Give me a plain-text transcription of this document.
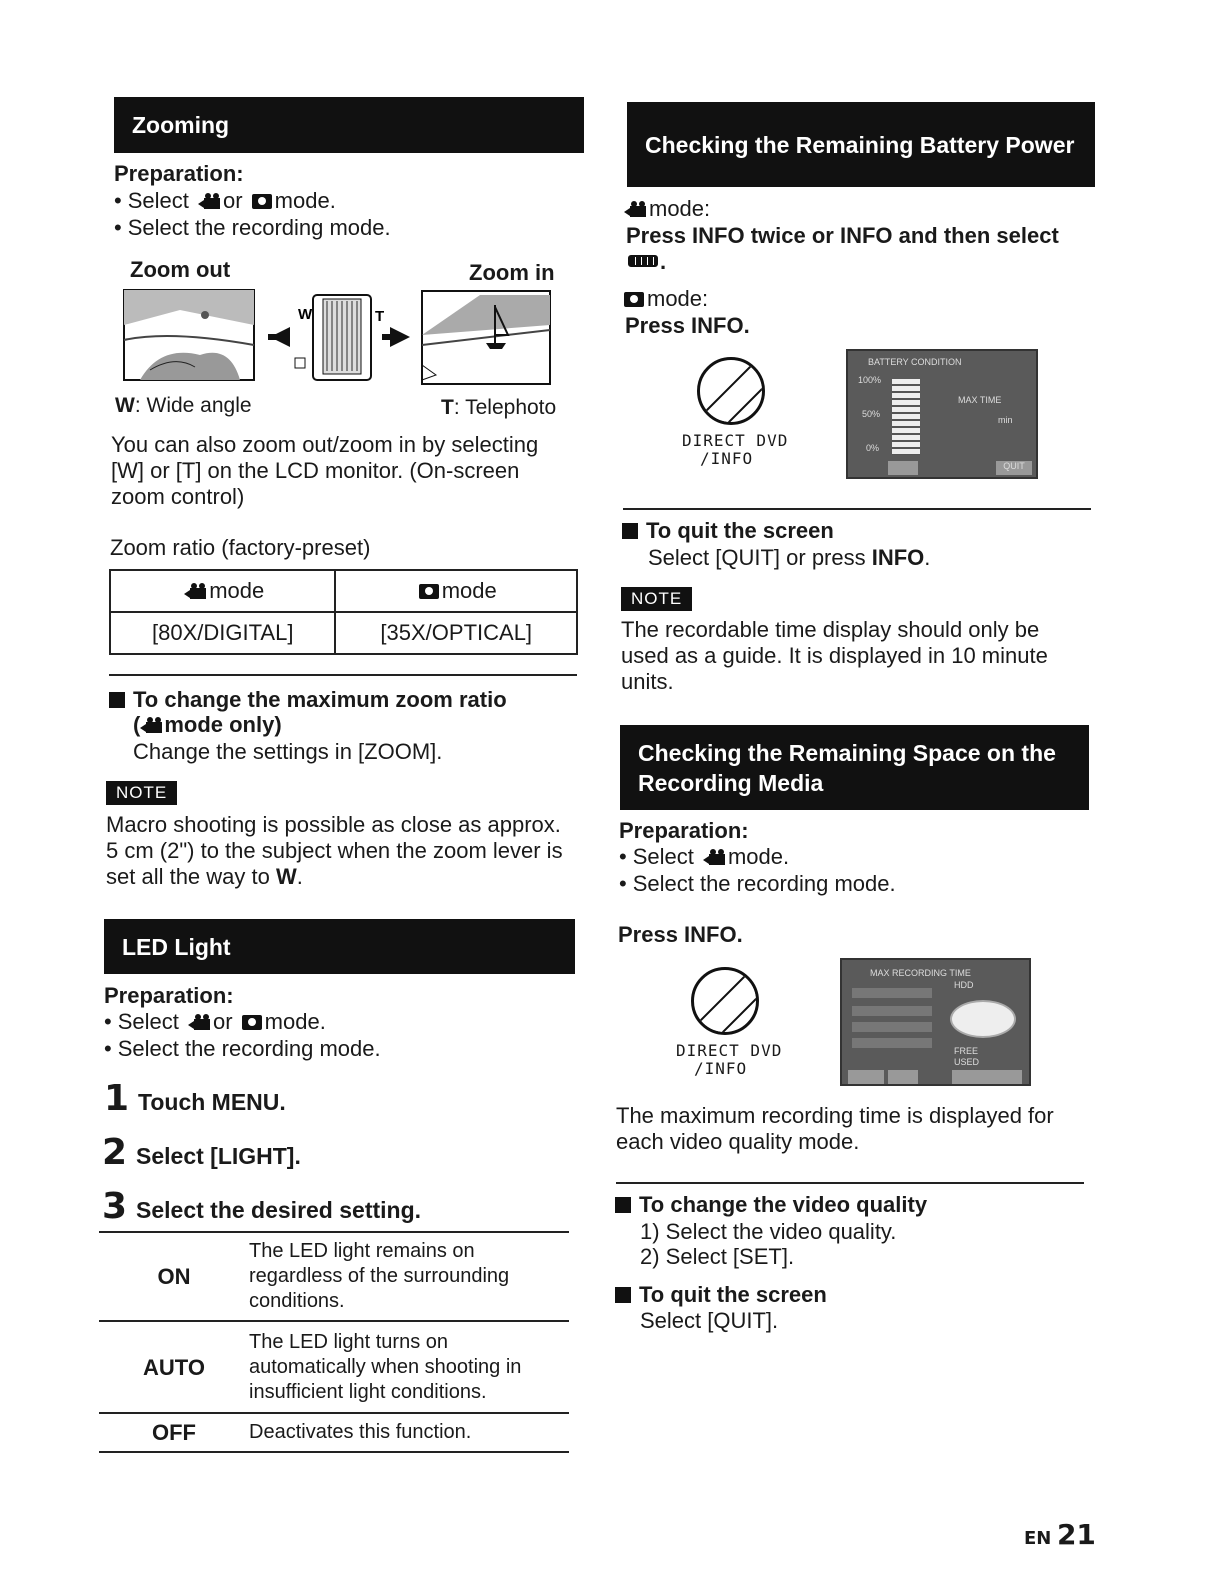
Zooming
Preparation:
• Select or mode.
• Select the recording mode.
Zoom out	Zoom in
W	T
W: Wide angle	T: Telephoto
You can also zoom out/zoom in by selecting [W] or [T] on the LCD monitor. (On-screen zoom control)
Zoom ratio (factory-preset)
mode	mode
[80X/DIGITAL]	[35X/OPTICAL]
To change the maximum zoom ratio
( mode only)
Change the settings in [ZOOM].
NOTE
Macro shooting is possible as close as approx. 5 cm (2") to the subject when the zoom lever is set all the way to W.
LED Light
Preparation:
• Select or mode.
• Select the recording mode.
1 Touch MENU.
2 Select [LIGHT].
3 Select the desired setting.
ON	The LED light remains on regardless of the surrounding conditions.
AUTO	The LED light turns on automatically when shooting in insufficient light conditions.
OFF	Deactivates this function.
Checking the Remaining Battery Power
mode:
Press INFO twice or INFO and then select
.
mode:
Press INFO.
DIRECT DVD
/INFO
BATTERY CONDITION
100%
50%
0%
MAX TIME
min
QUIT
To quit the screen
Select [QUIT] or press INFO.
NOTE
The recordable time display should only be used as a guide. It is displayed in 10 minute units.
Checking the Remaining Space on the Recording Media
Preparation:
• Select mode.
• Select the recording mode.
Press INFO.
DIRECT DVD
/INFO
MAX RECORDING TIME
HDD
FREE
USED
The maximum recording time is displayed for each video quality mode.
To change the video quality
1) Select the video quality.
2) Select [SET].
To quit the screen
Select [QUIT].
EN 21
